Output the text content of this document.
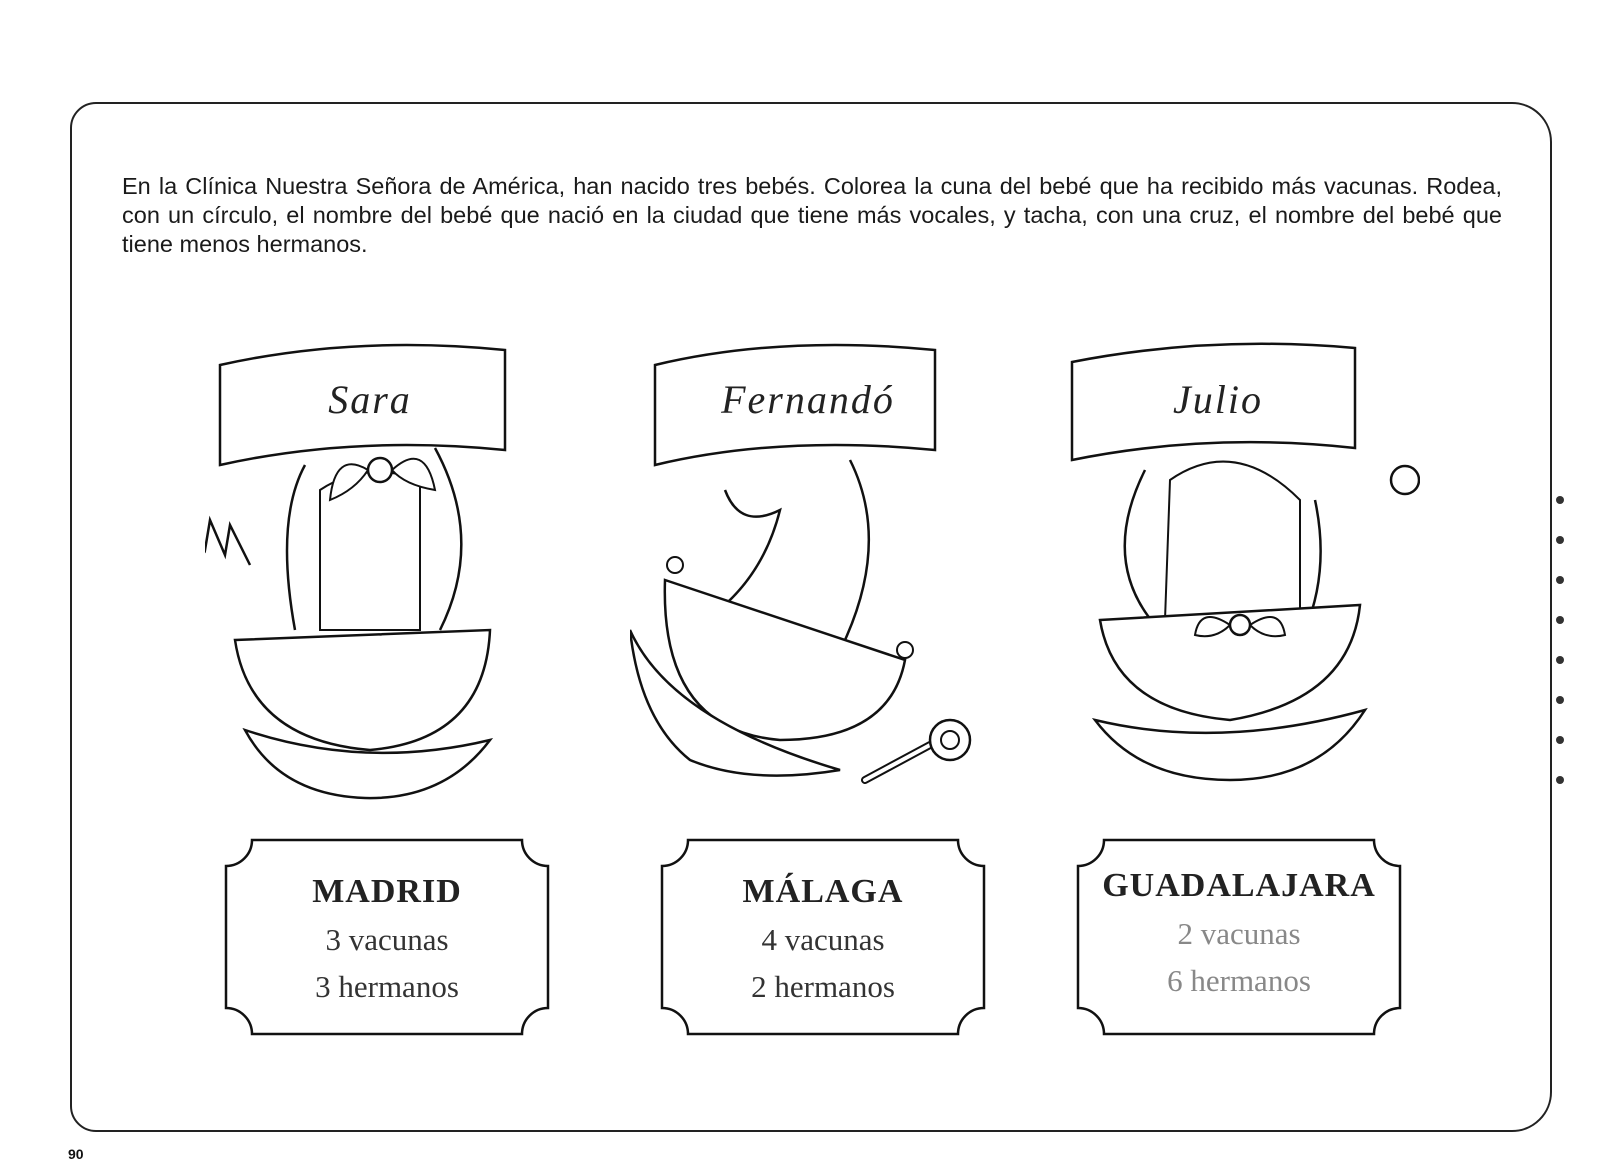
En la Clínica Nuestra Señora de América, han nacido tres bebés. Colorea la cuna del bebé que ha recibido más vacunas. Rodea, con un círculo, el nombre del bebé que nació en la ciudad que tiene más vocales, y tacha, con una cruz, el nombre del bebé que tiene menos hermanos.

Sara	Fernandó	Julio
MADRID
3 vacunas
3 hermanos
MÁLAGA
4 vacunas
2 hermanos
GUADALAJARA
2 vacunas
6 hermanos
90
